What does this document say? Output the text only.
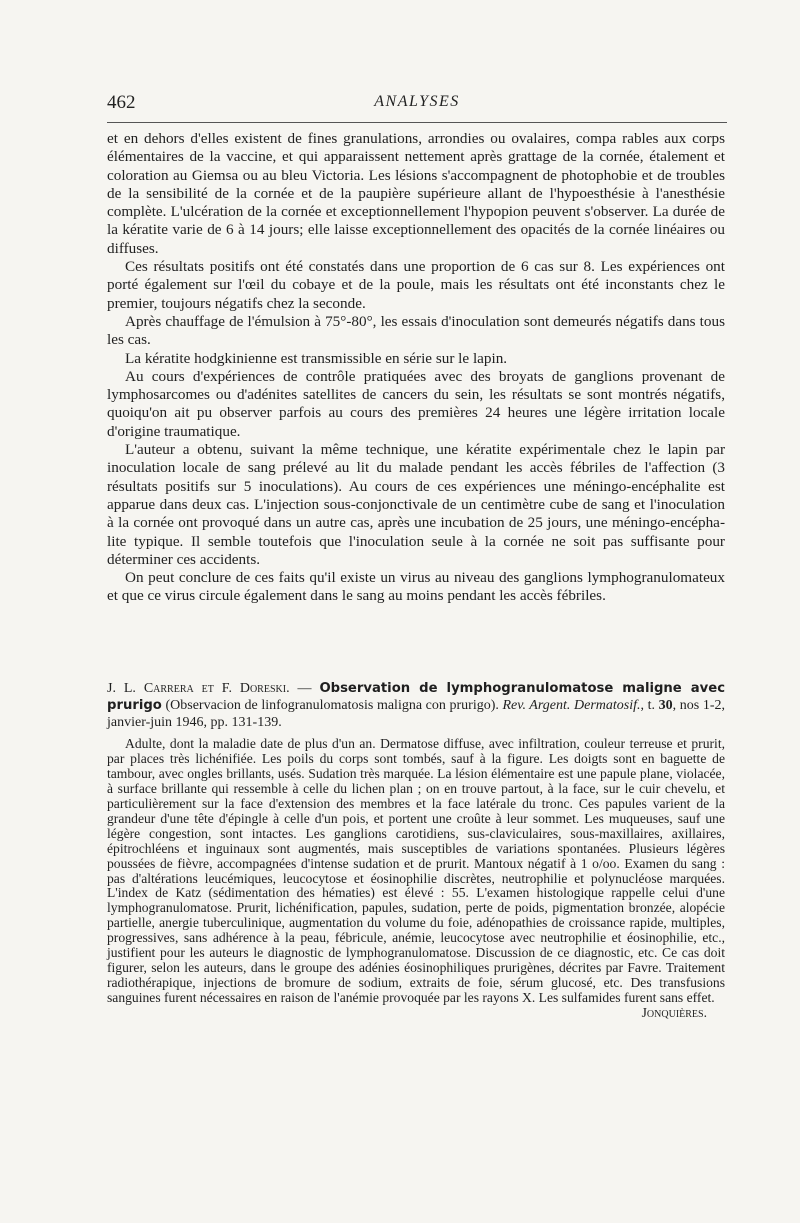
462	ANALYSES

et en dehors d'elles existent de fines granulations, arrondies ou ovalaires, compa rables aux corps élémentaires de la vaccine, et qui apparaissent nettement après grattage de la cornée, étalement et coloration au Giemsa ou au bleu Victoria. Les lésions s'accompagnent de photophobie et de troubles de la sensibilité de la cornée et de la paupière supérieure allant de l'hypoesthésie à l'anesthésie complète. L'ulcération de la cornée et exceptionnellement l'hypopion peuvent s'observer. La durée de la kératite varie de 6 à 14 jours; elle laisse exceptionnellement des opacités de la cornée linéaires ou diffuses.

Ces résultats positifs ont été constatés dans une proportion de 6 cas sur 8. Les expériences ont porté également sur l'œil du cobaye et de la poule, mais les résultats ont été inconstants chez le premier, toujours négatifs chez la seconde.

Après chauffage de l'émulsion à 75°-80°, les essais d'inoculation sont demeurés négatifs dans tous les cas.

La kératite hodgkinienne est transmissible en série sur le lapin.

Au cours d'expériences de contrôle pratiquées avec des broyats de ganglions provenant de lymphosarcomes ou d'adénites satellites de cancers du sein, les résultats se sont montrés négatifs, quoiqu'on ait pu observer parfois au cours des premières 24 heures une légère irritation locale d'origine traumatique.

L'auteur a obtenu, suivant la même technique, une kératite expérimentale chez le lapin par inoculation locale de sang prélevé au lit du malade pendant les accès fébriles de l'affection (3 résultats positifs sur 5 inoculations). Au cours de ces expériences une méningo-encéphalite est apparue dans deux cas. L'injection sous-conjonctivale de un centimètre cube de sang et l'inoculation à la cornée ont provoqué dans un autre cas, après une incubation de 25 jours, une méningo-encéphalite typique. Il semble toutefois que l'inoculation seule à la cornée ne soit pas suffisante pour déterminer ces accidents.

On peut conclure de ces faits qu'il existe un virus au niveau des ganglions lymphogranulomateux et que ce virus circule également dans le sang au moins pendant les accès fébriles.

J. L. Carrera et F. Doreski. — Observation de lymphogranulomatose maligne avec prurigo (Observacion de linfogranulomatosis maligna con prurigo). Rev. Argent. Dermatosif., t. 30, nos 1-2, janvier-juin 1946, pp. 131-139.

Adulte, dont la maladie date de plus d'un an. Dermatose diffuse, avec infiltration, couleur terreuse et prurit, par places très lichénifiée. Les poils du corps sont tombés, sauf à la figure. Les doigts sont en baguette de tambour, avec ongles brillants, usés. Sudation très marquée. La lésion élémentaire est une papule plane, violacée, à surface brillante qui ressemble à celle du lichen plan ; on en trouve partout, à la face, sur le cuir chevelu, et particulièrement sur la face d'extension des membres et la face latérale du tronc. Ces papules varient de la grandeur d'une tête d'épingle à celle d'un pois, et portent une croûte à leur sommet. Les muqueuses, sauf une légère congestion, sont intactes. Les ganglions carotidiens, sus-claviculaires, sous-maxillaires, axillaires, épitrochléens et inguinaux sont augmentés, mais susceptibles de variations spontanées. Plusieurs légères poussées de fièvre, accompagnées d'intense sudation et de prurit. Mantoux négatif à 1 o/oo. Examen du sang : pas d'altérations leucémiques, leucocytose et éosinophilie discrètes, neutrophilie et polynucléose marquées. L'index de Katz (sédimentation des hématies) est élevé : 55. L'examen histologique rappelle celui d'une lymphogranulomatose. Prurit, lichénification, papules, sudation, perte de poids, pigmentation bronzée, alopécie partielle, anergie tuberculinique, augmentation du volume du foie, adénopathies de croissance rapide, multiples, progressives, sans adhérence à la peau, fébricule, anémie, leucocytose avec neutrophilie et éosinophilie, etc., justifient pour les auteurs le diagnostic de lymphogranulomatose. Discussion de ce diagnostic, etc. Ce cas doit figurer, selon les auteurs, dans le groupe des adénies éosinophiliques prurigènes, décrites par Favre. Traitement radiothérapique, injections de bromure de sodium, extraits de foie, sérum glucosé, etc. Des transfusions sanguines furent nécessaires en raison de l'anémie provoquée par les rayons X. Les sulfamides furent sans effet.
Jonquières.
